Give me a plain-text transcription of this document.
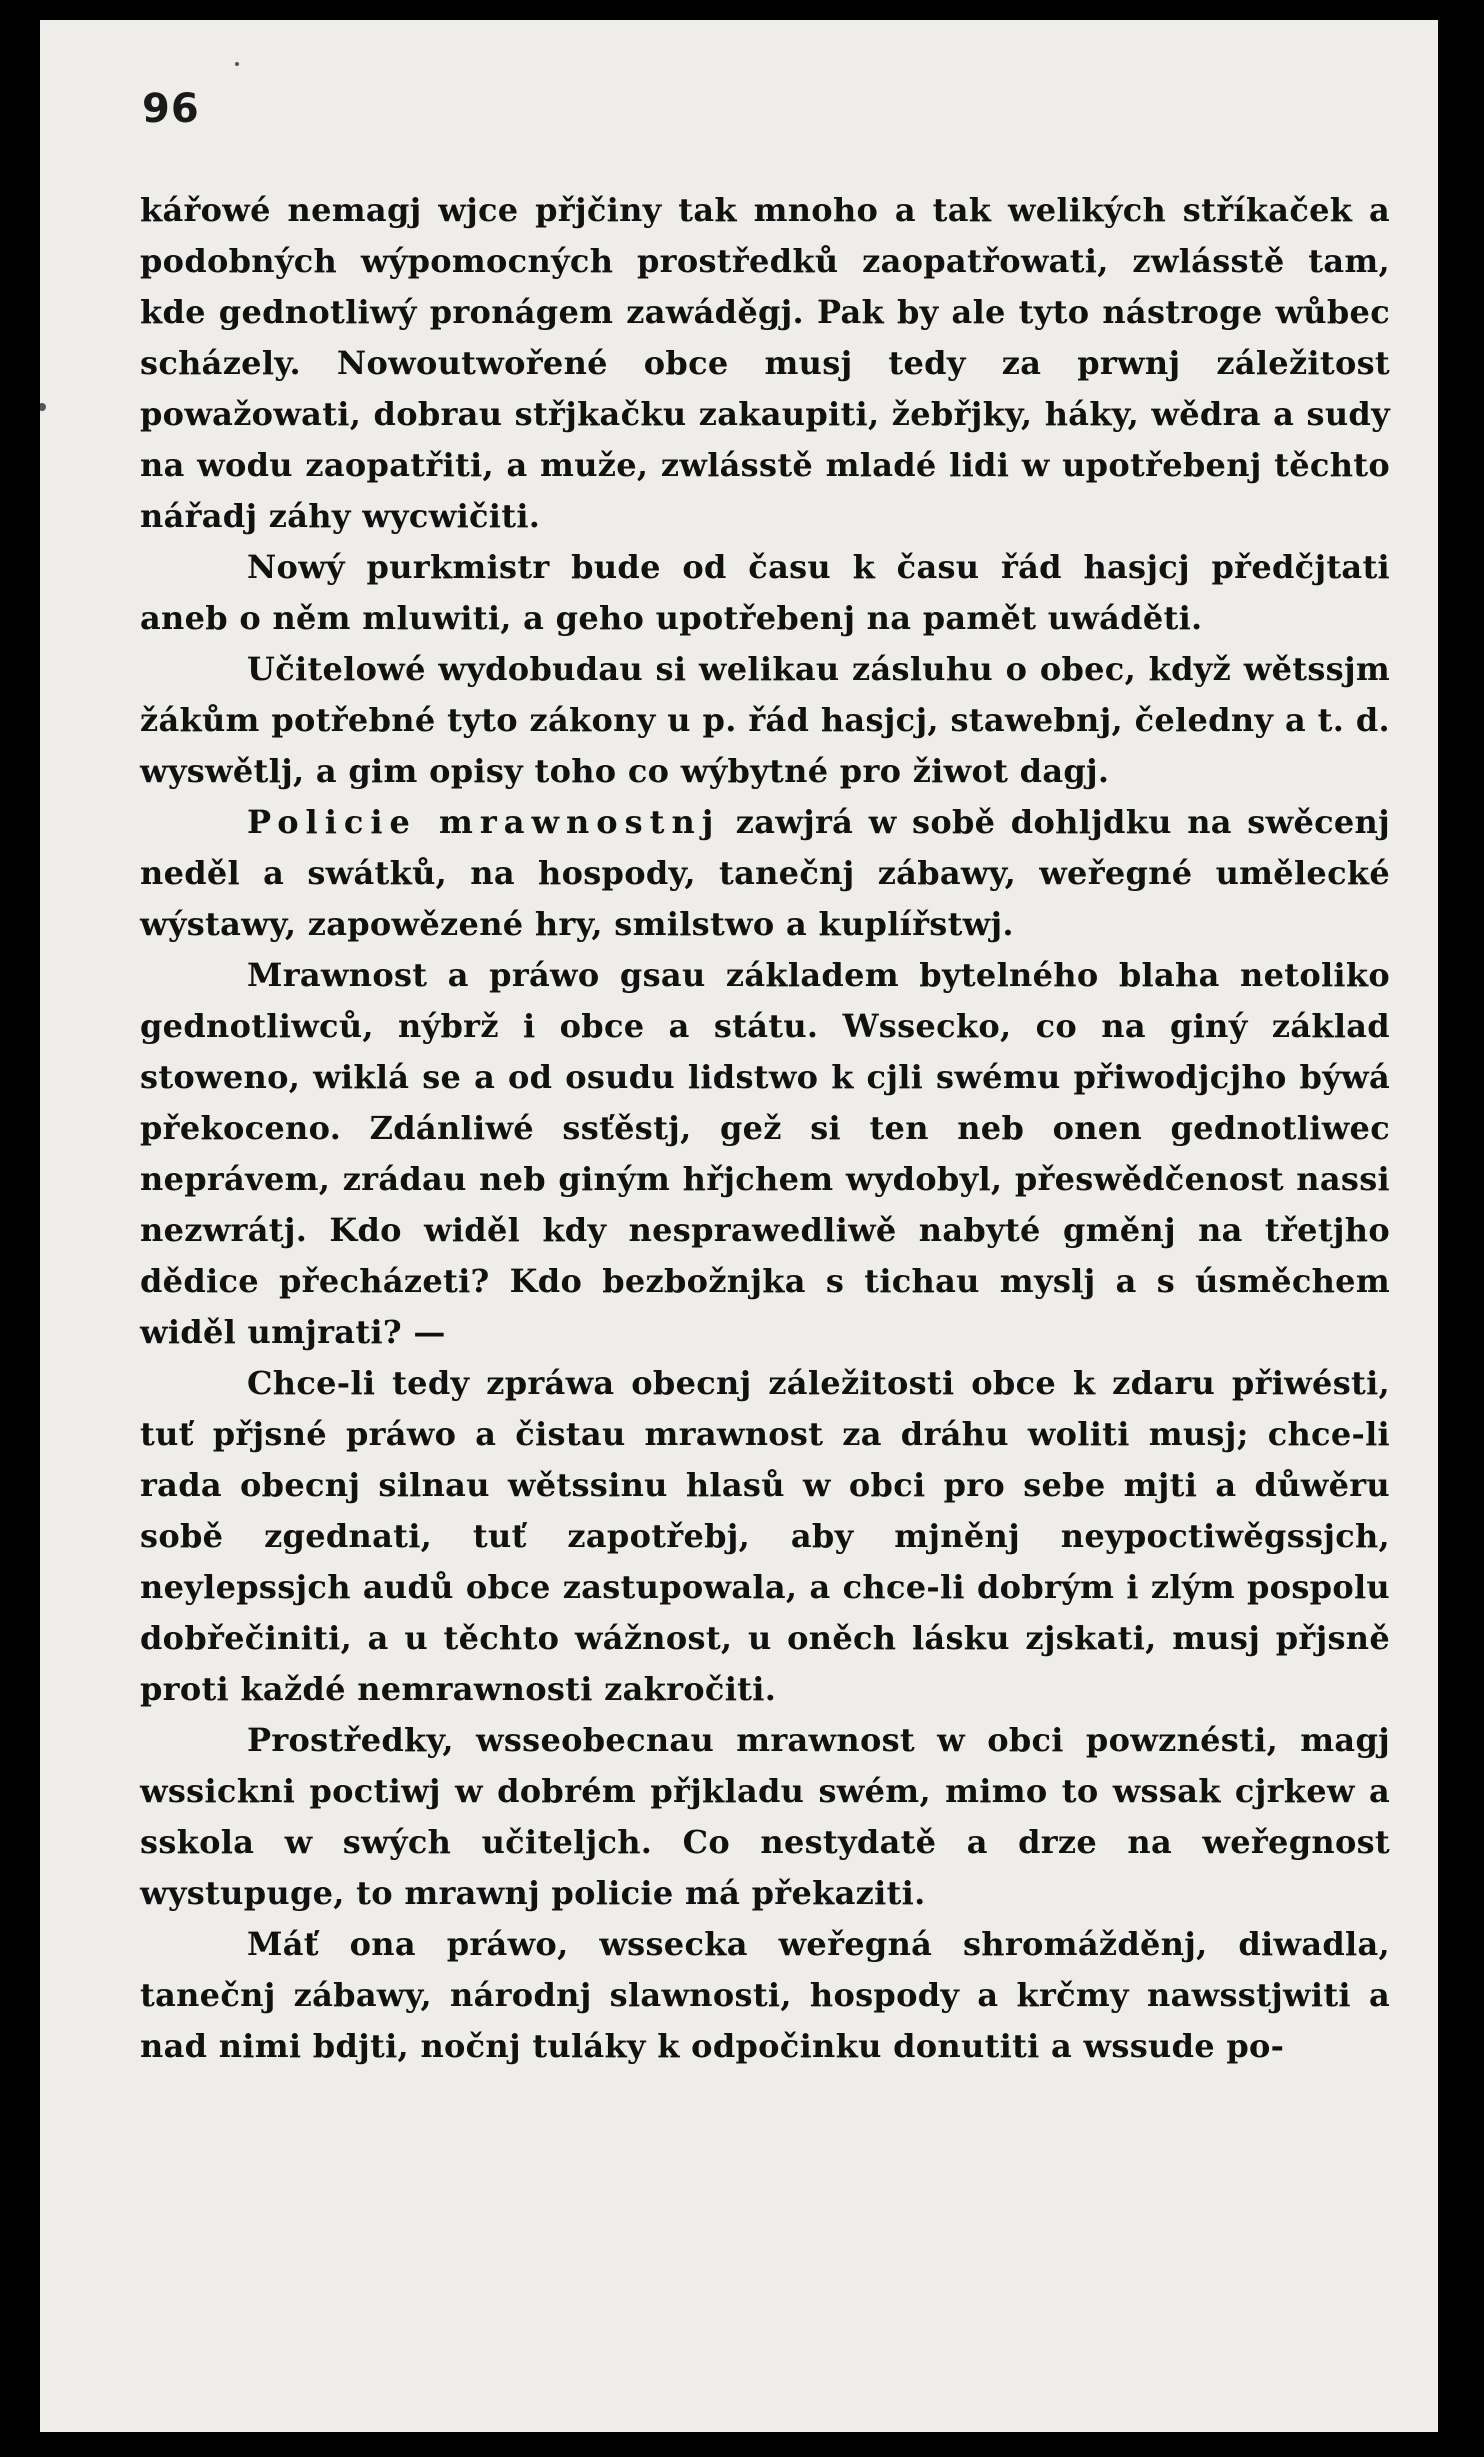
96

kářowé nemagj wjce přjčiny tak mnoho a tak welikých stříkaček a podobných wýpomocných prostředků zaopatřowati, zwlásstě tam, kde gednotliwý pronágem zawáděgj. Pak by ale tyto nástroge wůbec scházely. Nowoutwořené obce musj tedy za prwnj záležitost powažowati, dobrau střjkačku zakaupiti, žebřjky, háky, wědra a sudy na wodu zaopatřiti, a muže, zwlásstě mladé lidi w upotřebenj těchto nářadj záhy wycwičiti.

Nowý purkmistr bude od času k času řád hasjcj předčjtati aneb o něm mluwiti, a geho upotřebenj na pamět uwáděti.

Učitelowé wydobudau si welikau zásluhu o obec, když wětssjm žákům potřebné tyto zákony u p. řád hasjcj, stawebnj, čeledny a t. d. wyswětlj, a gim opisy toho co wýbytné pro žiwot dagj.

Policie mrawnostnj zawjrá w sobě dohljdku na swěcenj neděl a swátků, na hospody, tanečnj zábawy, weřegné umělecké wýstawy, zapowězené hry, smilstwo a kuplířstwj.

Mrawnost a práwo gsau základem bytelného blaha netoliko gednotliwců, nýbrž i obce a státu. Wssecko, co na giný základ stoweno, wiklá se a od osudu lidstwo k cjli swému přiwodjcjho býwá překoceno. Zdánliwé ssťěstj, gež si ten neb onen gednotliwec neprávem, zrádau neb giným hřjchem wydobyl, přeswědčenost nassi nezwrátj. Kdo widěl kdy nesprawedliwě nabyté gměnj na třetjho dědice přecházeti? Kdo bezbožnjka s tichau myslj a s úsměchem widěl umjrati? —

Chce-li tedy zpráwa obecnj záležitosti obce k zdaru přiwésti, tuť přjsné práwo a čistau mrawnost za dráhu woliti musj; chce-li rada obecnj silnau wětssinu hlasů w obci pro sebe mjti a důwěru sobě zgednati, tuť zapotřebj, aby mjněnj neypoctiwěgssjch, neylepssjch audů obce zastupowala, a chce-li dobrým i zlým pospolu dobřečiniti, a u těchto wážnost, u oněch lásku zjskati, musj přjsně proti každé nemrawnosti zakročiti.

Prostředky, wsseobecnau mrawnost w obci powznésti, magj wssickni poctiwj w dobrém přjkladu swém, mimo to wssak cjrkew a sskola w swých učiteljch. Co nestydatě a drze na weřegnost wystupuge, to mrawnj policie má překaziti.

Máť ona práwo, wssecka weřegná shromážděnj, diwadla, tanečnj zábawy, národnj slawnosti, hospody a krčmy nawsstjwiti a nad nimi bdjti, nočnj tuláky k odpočinku donutiti a wssude po-
